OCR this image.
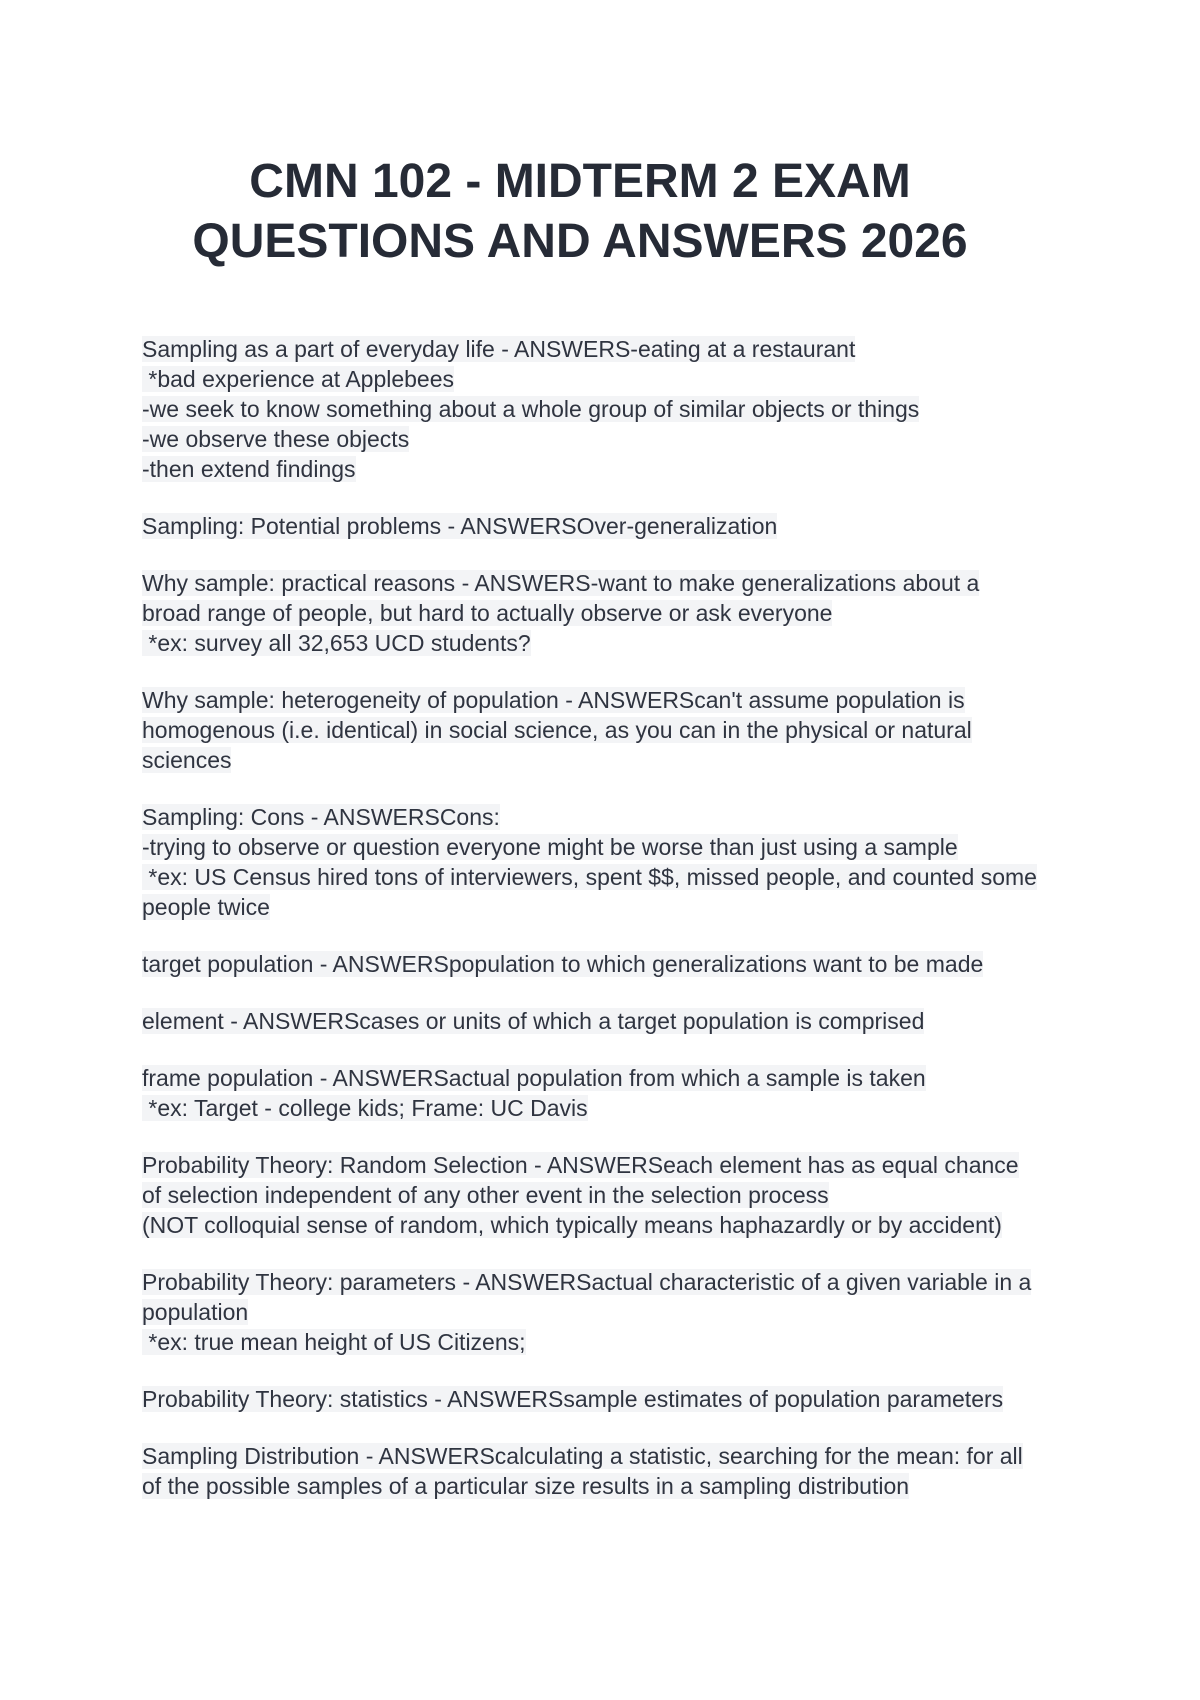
CMN 102 - MIDTERM 2 EXAM
QUESTIONS AND ANSWERS 2026
Sampling as a part of everyday life - ANSWERS-eating at a restaurant
*bad experience at Applebees
-we seek to know something about a whole group of similar objects or things
-we observe these objects
-then extend findings
Sampling: Potential problems - ANSWERSOver-generalization
Why sample: practical reasons - ANSWERS-want to make generalizations about a
broad range of people, but hard to actually observe or ask everyone
*ex: survey all 32,653 UCD students?
Why sample: heterogeneity of population - ANSWERScan't assume population is
homogenous (i.e. identical) in social science, as you can in the physical or natural
sciences
Sampling: Cons - ANSWERSCons:
-trying to observe or question everyone might be worse than just using a sample
*ex: US Census hired tons of interviewers, spent $$, missed people, and counted some
people twice
target population - ANSWERSpopulation to which generalizations want to be made
element - ANSWERScases or units of which a target population is comprised
frame population - ANSWERSactual population from which a sample is taken
*ex: Target - college kids; Frame: UC Davis
Probability Theory: Random Selection - ANSWERSeach element has as equal chance
of selection independent of any other event in the selection process
(NOT colloquial sense of random, which typically means haphazardly or by accident)
Probability Theory: parameters - ANSWERSactual characteristic of a given variable in a
population
*ex: true mean height of US Citizens;
Probability Theory: statistics - ANSWERSsample estimates of population parameters
Sampling Distribution - ANSWERScalculating a statistic, searching for the mean: for all
of the possible samples of a particular size results in a sampling distribution
